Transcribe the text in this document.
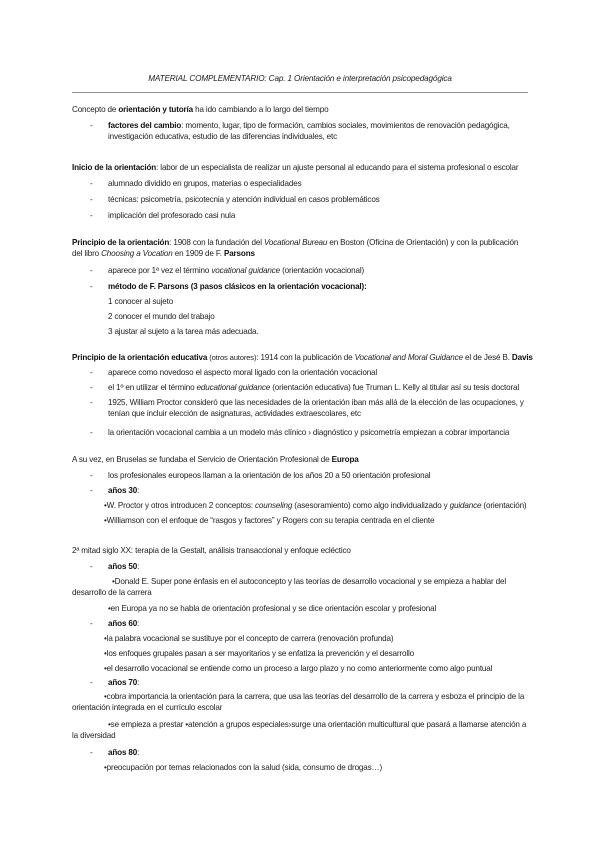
MATERIAL COMPLEMENTARIO: Cap. 1 Orientación e interpretación psicopedagógica
Concepto de orientación y tutoría ha ido cambiando a lo largo del tiempo
- factores del cambio: momento, lugar, tipo de formación, cambios sociales, movimientos de renovación pedagógica, investigación educativa, estudio de las diferencias individuales, etc
Inicio de la orientación: labor de un especialista de realizar un ajuste personal al educando para el sistema profesional o escolar
- alumnado dividido en grupos, materias o especialidades
- técnicas: psicometría, psicotecnia y atención individual en casos problemáticos
- implicación del profesorado casi nula
Principio de la orientación: 1908 con la fundación del Vocational Bureau en Boston (Oficina de Orientación) y con la publicación del libro Choosing a Vocation en 1909 de F. Parsons
- aparece por 1ª vez el término vocational guidance (orientación vocacional)
- método de F. Parsons (3 pasos clásicos en la orientación vocacional):
1 conocer al sujeto
2 conocer el mundo del trabajo
3 ajustar al sujeto a la tarea más adecuada.
Principio de la orientación educativa (otros autores): 1914 con la publicación de Vocational and Moral Guidance el de Jesé B. Davis
- aparece como novedoso el aspecto moral ligado con la orientación vocacional
- el 1º en utilizar el término educational guidance (orientación educativa) fue Truman L. Kelly al titular así su tesis doctoral
- 1925, William Proctor consideró que las necesidades de la orientación iban más allá de la elección de las ocupaciones, y tenían que incluir elección de asignaturas, actividades extraescolares, etc
- la orientación vocacional cambia a un modelo más clínico › diagnóstico y psicometría empiezan a cobrar importancia
A su vez, en Bruselas se fundaba el Servicio de Orientación Profesional de Europa
- los profesionales europeos llaman a la orientación de los años 20 a 50 orientación profesional
- años 30:
•W. Proctor y otros introducen 2 conceptos: counseling (asesoramiento) como algo individualizado y guidance (orientación)
•Williamson con el enfoque de “rasgos y factores” y Rogers con su terapia centrada en el cliente
2ª mitad siglo XX: terapia de la Gestalt, análisis transaccional y enfoque ecléctico
- años 50:
•Donald E. Super pone énfasis en el autoconcepto y las teorías de desarrollo vocacional y se empieza a hablar del desarrollo de la carrera
•en Europa ya no se habla de orientación profesional y se dice orientación escolar y profesional
- años 60:
•la palabra vocacional se sustituye por el concepto de carrera (renovación profunda)
•los enfoques grupales pasan a ser mayoritarios y se enfatiza la prevención y el desarrollo
•el desarrollo vocacional se entiende como un proceso a largo plazo y no como anteriormente como algo puntual
- años 70:
•cobra importancia la orientación para la carrera, que usa las teorías del desarrollo de la carrera y esboza el principio de la orientación integrada en el currículo escolar
•se empieza a prestar •atención a grupos especiales›surge una orientación multicultural que pasará a llamarse atención a la diversidad
- años 80:
•preocupación por temas relacionados con la salud (sida, consumo de drogas…)
